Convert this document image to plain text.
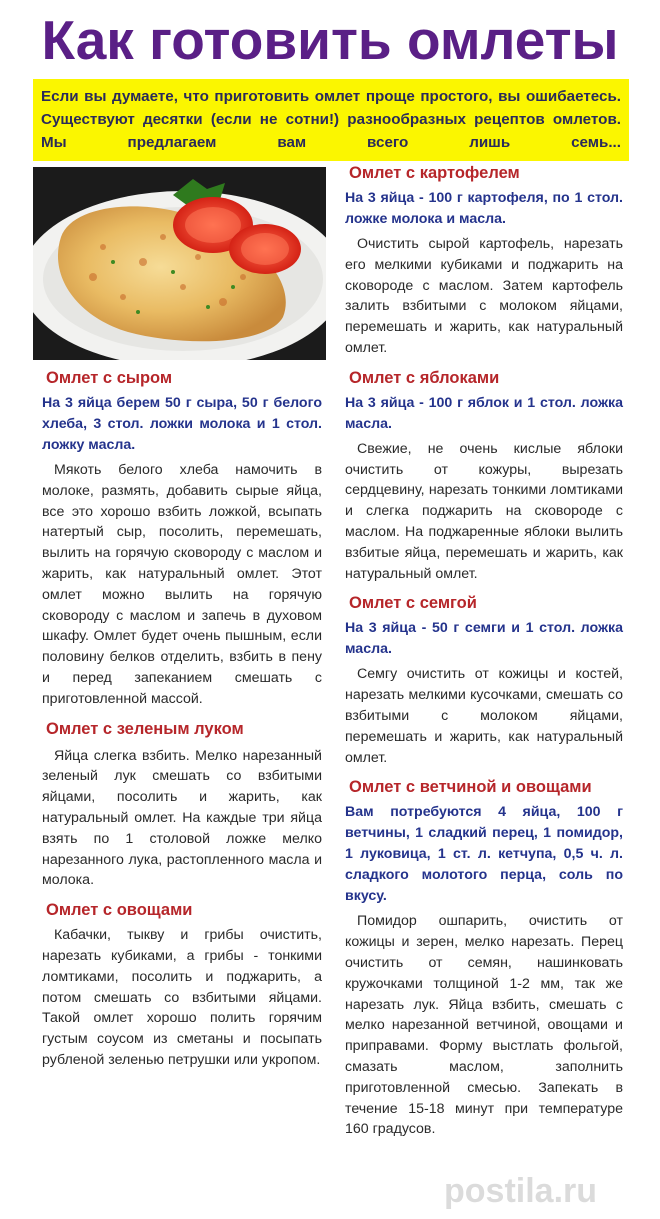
Как готовить омлеты

Если вы думаете, что приготовить омлет проще простого, вы ошибаетесь. Существуют десятки (если не сотни!) разнообразных рецептов омлетов. Мы предлагаем вам всего лишь семь...

Омлет с сыром

На 3 яйца берем 50 г сыра, 50 г белого хлеба, 3 стол. ложки молока и 1 стол. ложку масла.

Мякоть белого хлеба намочить в молоке, размять, добавить сырые яйца, все это хорошо взбить ложкой, всыпать натертый сыр, посолить, перемешать, вылить на горячую сковороду с маслом и жарить, как натуральный омлет. Этот омлет можно вылить на горячую сковороду с маслом и запечь в духовом шкафу. Омлет будет очень пышным, если половину белков отделить, взбить в пену и перед запеканием смешать с приготовленной массой.

Омлет с зеленым луком

Яйца слегка взбить. Мелко нарезанный зеленый лук смешать со взбитыми яйцами, посолить и жарить, как натуральный омлет. На каждые три яйца взять по 1 столовой ложке мелко нарезанного лука, растопленного масла и молока.

Омлет с овощами

Кабачки, тыкву и грибы очистить, нарезать кубиками, а грибы - тонкими ломтиками, посолить и поджарить, а потом смешать со взбитыми яйцами. Такой омлет хорошо полить горячим густым соусом из сметаны и посыпать рубленой зеленью петрушки или укропом.

Омлет с картофелем

На 3 яйца - 100 г картофеля, по 1 стол. ложке молока и масла.

Очистить сырой картофель, нарезать его мелкими кубиками и поджарить на сковороде с маслом. Затем картофель залить взбитыми с молоком яйцами, перемешать и жарить, как натуральный омлет.

Омлет с яблоками

На 3 яйца - 100 г яблок и 1 стол. ложка масла.

Свежие, не очень кислые яблоки очистить от кожуры, вырезать сердцевину, нарезать тонкими ломтиками и слегка поджарить на сковороде с маслом. На поджаренные яблоки вылить взбитые яйца, перемешать и жарить, как натуральный омлет.

Омлет с семгой

На 3 яйца - 50 г семги и 1 стол. ложка масла.

Семгу очистить от кожицы и костей, нарезать мелкими кусочками, смешать со взбитыми с молоком яйцами, перемешать и жарить, как натуральный омлет.

Омлет с ветчиной и овощами

Вам потребуются 4 яйца, 100 г ветчины, 1 сладкий перец, 1 помидор, 1 луковица, 1 ст. л. кетчупа, 0,5 ч. л. сладкого молотого перца, соль по вкусу.

Помидор ошпарить, очистить от кожицы и зерен, мелко нарезать. Перец очистить от семян, нашинковать кружочками толщиной 1-2 мм, так же нарезать лук. Яйца взбить, смешать с мелко нарезанной ветчиной, овощами и приправами. Форму выстлать фольгой, смазать маслом, заполнить приготовленной смесью. Запекать в течение 15-18 минут при температуре 160 градусов.

postila.ru
